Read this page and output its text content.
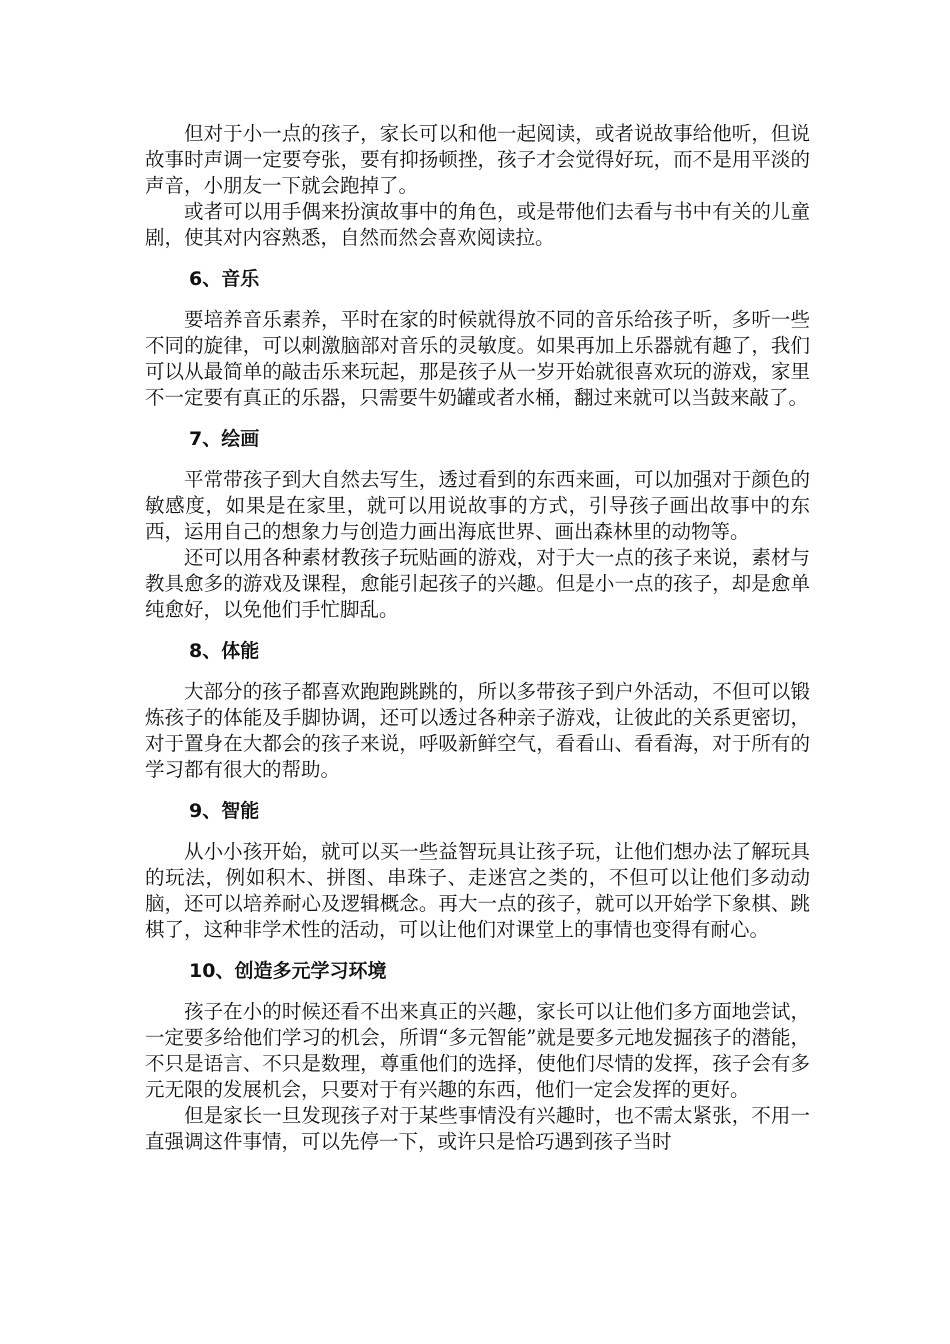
但对于小一点的孩子，家长可以和他一起阅读，或者说故事给他听，但说故事时声调一定要夸张，要有抑扬顿挫，孩子才会觉得好玩，而不是用平淡的声音，小朋友一下就会跑掉了。

或者可以用手偶来扮演故事中的角色，或是带他们去看与书中有关的儿童剧，使其对内容熟悉，自然而然会喜欢阅读拉。

6、音乐

要培养音乐素养，平时在家的时候就得放不同的音乐给孩子听，多听一些不同的旋律，可以刺激脑部对音乐的灵敏度。如果再加上乐器就有趣了，我们可以从最简单的敲击乐来玩起，那是孩子从一岁开始就很喜欢玩的游戏，家里不一定要有真正的乐器，只需要牛奶罐或者水桶，翻过来就可以当鼓来敲了。

7、绘画

平常带孩子到大自然去写生，透过看到的东西来画，可以加强对于颜色的敏感度，如果是在家里，就可以用说故事的方式，引导孩子画出故事中的东西，运用自己的想象力与创造力画出海底世界、画出森林里的动物等。

还可以用各种素材教孩子玩贴画的游戏，对于大一点的孩子来说，素材与教具愈多的游戏及课程，愈能引起孩子的兴趣。但是小一点的孩子，却是愈单纯愈好，以免他们手忙脚乱。

8、体能

大部分的孩子都喜欢跑跑跳跳的，所以多带孩子到户外活动，不但可以锻炼孩子的体能及手脚协调，还可以透过各种亲子游戏，让彼此的关系更密切，对于置身在大都会的孩子来说，呼吸新鲜空气，看看山、看看海，对于所有的学习都有很大的帮助。

9、智能

从小小孩开始，就可以买一些益智玩具让孩子玩，让他们想办法了解玩具的玩法，例如积木、拼图、串珠子、走迷宫之类的，不但可以让他们多动动脑，还可以培养耐心及逻辑概念。再大一点的孩子，就可以开始学下象棋、跳棋了，这种非学术性的活动，可以让他们对课堂上的事情也变得有耐心。

10、创造多元学习环境

孩子在小的时候还看不出来真正的兴趣，家长可以让他们多方面地尝试，一定要多给他们学习的机会，所谓“多元智能”就是要多元地发掘孩子的潜能，不只是语言、不只是数理，尊重他们的选择，使他们尽情的发挥，孩子会有多元无限的发展机会，只要对于有兴趣的东西，他们一定会发挥的更好。

但是家长一旦发现孩子对于某些事情没有兴趣时，也不需太紧张，不用一直强调这件事情，可以先停一下，或许只是恰巧遇到孩子当时
